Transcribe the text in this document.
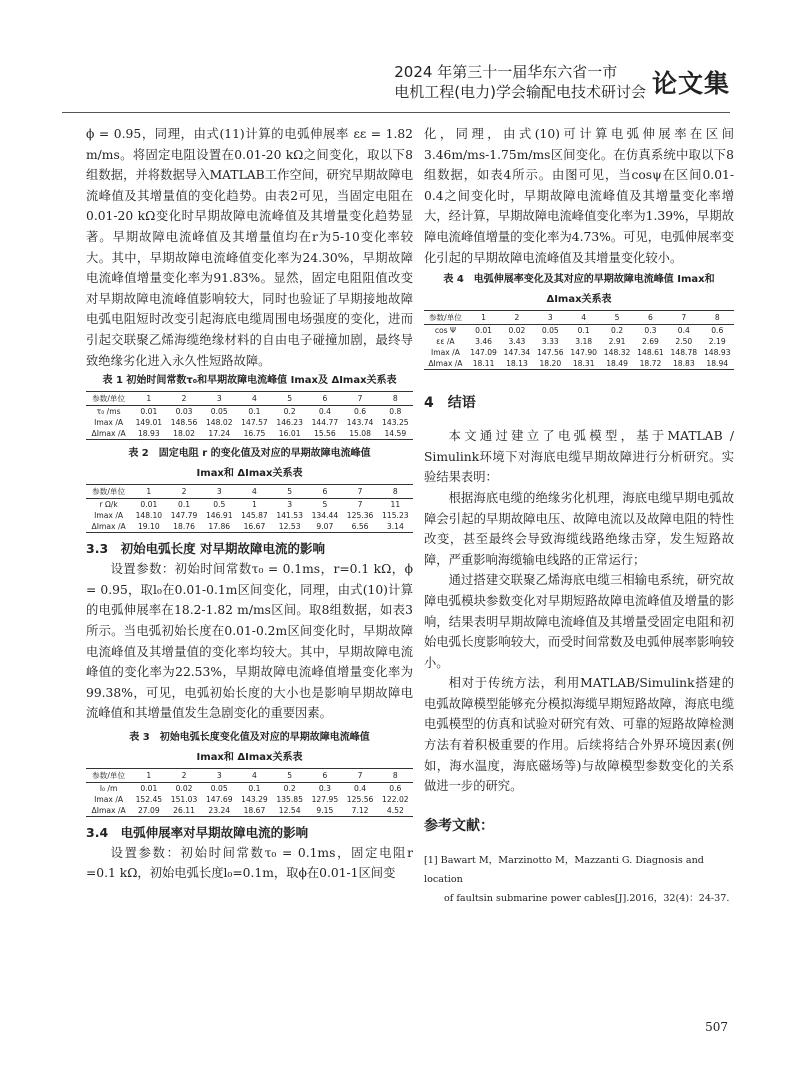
2024 年第三十一届华东六省一市
电机工程(电力)学会输配电技术研讨会 论文集

ϕ = 0.95，同理，由式(11)计算的电弧伸展率 εε = 1.82 m/ms。将固定电阻设置在0.01-20 kΩ之间变化，取以下8组数据，并将数据导入MATLAB工作空间，研究早期故障电流峰值及其增量值的变化趋势。由表2可见，当固定电阻在0.01-20 kΩ变化时早期故障电流峰值及其增量变化趋势显著。早期故障电流峰值及其增量值均在r为5-10变化率较大。其中，早期故障电流峰值变化率为24.30%，早期故障电流峰值增量变化率为91.83%。显然，固定电阻阻值改变对早期故障电流峰值影响较大，同时也验证了早期接地故障电弧电阻短时改变引起海底电缆周围电场强度的变化，进而引起交联聚乙烯海缆绝缘材料的自由电子碰撞加剧，最终导致绝缘劣化进入永久性短路故障。

表 1 初始时间常数τ₀和早期故障电流峰值 Imax及 ΔImax关系表

参数/单位	1	2	3	4	5	6	7	8
τ₀ /ms	0.01	0.03	0.05	0.1	0.2	0.4	0.6	0.8
Imax /A	149.01	148.56	148.02	147.57	146.23	144.77	143.74	143.25
ΔImax /A	18.93	18.02	17.24	16.75	16.01	15.56	15.08	14.59

表 2　固定电阻 r 的变化值及对应的早期故障电流峰值

Imax和 ΔImax关系表

参数/单位	1	2	3	4	5	6	7	8
r Ω/k	0.01	0.1	0.5	1	3	5	7	11
Imax /A	148.10	147.79	146.91	145.87	141.53	134.44	125.36	115.23
ΔImax /A	19.10	18.76	17.86	16.67	12.53	9.07	6.56	3.14
3.3　初始电弧长度 对早期故障电流的影响

设置参数：初始时间常数τ₀ = 0.1ms，r=0.1 kΩ，ϕ = 0.95，取l₀在0.01-0.1m区间变化，同理，由式(10)计算的电弧伸展率在18.2-1.82 m/ms区间。取8组数据，如表3所示。当电弧初始长度在0.01-0.2m区间变化时，早期故障电流峰值及其增量值的变化率均较大。其中，早期故障电流峰值的变化率为22.53%，早期故障电流峰值增量变化率为99.38%，可见，电弧初始长度的大小也是影响早期故障电流峰值和其增量值发生急剧变化的重要因素。

表 3　初始电弧长度变化值及对应的早期故障电流峰值

Imax和 ΔImax关系表

参数/单位	1	2	3	4	5	6	7	8
l₀ /m	0.01	0.02	0.05	0.1	0.2	0.3	0.4	0.6
Imax /A	152.45	151.03	147.69	143.29	135.85	127.95	125.56	122.02
ΔImax /A	27.09	26.11	23.24	18.67	12.54	9.15	7.12	4.52
3.4　电弧伸展率对早期故障电流的影响

设置参数：初始时间常数τ₀ = 0.1ms，固定电阻r =0.1 kΩ，初始电弧长度l₀=0.1m，取ϕ在0.01-1区间变

化，同理，由式(10)可计算电弧伸展率在区间3.46m/ms-1.75m/ms区间变化。在仿真系统中取以下8组数据，如表4所示。由图可见，当cosψ在区间0.01-0.4之间变化时，早期故障电流峰值及其增量变化率增大，经计算，早期故障电流峰值变化率为1.39%，早期故障电流峰值增量的变化率为4.73%。可见，电弧伸展率变化引起的早期故障电流峰值及其增量变化较小。

表 4　电弧伸展率变化及其对应的早期故障电流峰值 Imax和

ΔImax关系表

参数/单位	1	2	3	4	5	6	7	8
cos Ψ	0.01	0.02	0.05	0.1	0.2	0.3	0.4	0.6
εε /A	3.46	3.43	3.33	3.18	2.91	2.69	2.50	2.19
Imax /A	147.09	147.34	147.56	147.90	148.32	148.61	148.78	148.93
ΔImax /A	18.11	18.13	18.20	18.31	18.49	18.72	18.83	18.94
4　结语

本文通过建立了电弧模型，基于MATLAB / Simulink环境下对海底电缆早期故障进行分析研究。实验结果表明：

根据海底电缆的绝缘劣化机理，海底电缆早期电弧故障会引起的早期故障电压、故障电流以及故障电阻的特性改变，甚至最终会导致海缆线路绝缘击穿，发生短路故障，严重影响海缆输电线路的正常运行；

通过搭建交联聚乙烯海底电缆三相输电系统，研究故障电弧模块参数变化对早期短路故障电流峰值及增量的影响，结果表明早期故障电流峰值及其增量受固定电阻和初始电弧长度影响较大，而受时间常数及电弧伸展率影响较小。

相对于传统方法，利用MATLAB/Simulink搭建的电弧故障模型能够充分模拟海缆早期短路故障，海底电缆电弧模型的仿真和试验对研究有效、可靠的短路故障检测方法有着积极重要的作用。后续将结合外界环境因素(例如，海水温度，海底磁场等)与故障模型参数变化的关系做进一步的研究。

参考文献：

[1] Bawart M，Marzinotto M，Mazzanti G. Diagnosis and location

of faultsin submarine power cables[J].2016，32(4)：24-37.

507
